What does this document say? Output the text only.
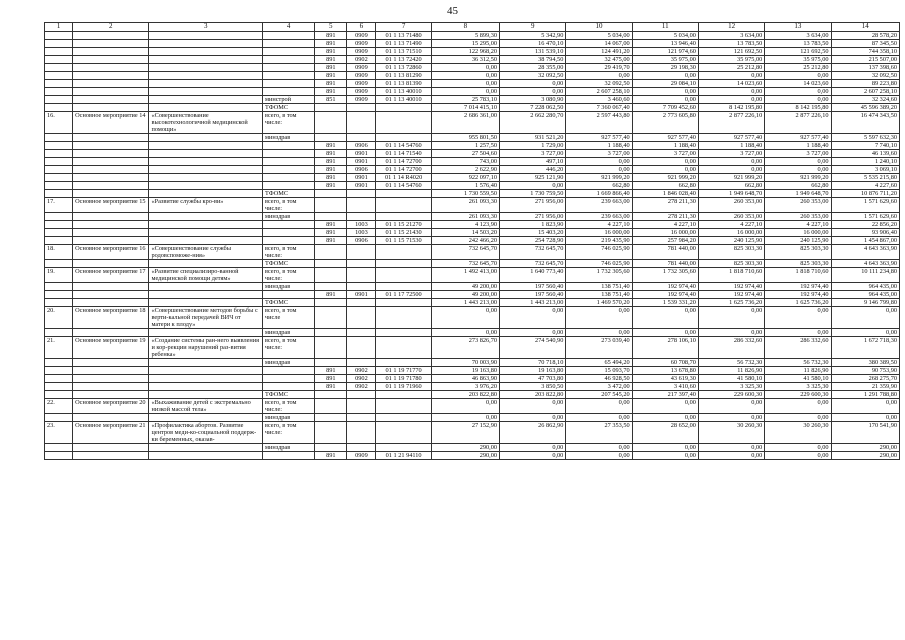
45
1	2	3	4	5	6	7	8	9	10	11	12	13	14
				891	0909	01 1 13 71480	5 899,30	5 342,90	5 034,00	5 034,00	3 634,00	3 634,00	28 578,20
				891	0909	01 1 13 71490	15 295,00	16 470,10	14 067,00	13 946,40	13 783,50	13 783,50	87 345,50
				891	0909	01 1 13 71510	122 968,20	131 539,10	124 491,20	121 974,60	121 692,50	121 692,50	744 358,10
				891	0902	01 1 13 72420	36 312,50	38 794,50	32 475,00	35 975,00	35 975,00	35 975,00	215 507,00
				891	0909	01 1 13 72860	0,00	28 355,00	29 419,70	29 198,30	25 212,80	25 212,80	137 398,60
				891	0909	01 1 13 81290	0,00	32 092,50	0,00	0,00	0,00	0,00	32 092,50
				891	0909	01 1 13 81390	0,00	0,00	32 092,50	29 084,10	14 023,60	14 023,60	89 223,80
				891	0909	01 1 13 40010	0,00	0,00	2 607 258,10	0,00	0,00	0,00	2 607 258,10
			минстрой	851	0909	01 1 13 40010	25 783,10	3 080,90	3 460,60	0,00	0,00	0,00	32 324,60
			ТФОМС				7 014 415,10	7 228 062,50	7 360 067,40	7 709 452,60	8 142 195,80	8 142 195,80	45 596 389,20
16.	Основное мероприятие 14	«Совершенствование высокотехнологичной медицинской помощи»	всего, в том числе:				2 686 361,00	2 662 280,70	2 597 443,80	2 773 605,80	2 877 226,10	2 877 226,10	16 474 343,50
			минздрав				955 801,50	931 521,20	927 577,40	927 577,40	927 577,40	927 577,40	5 597 632,30
				891	0906	01 1 14 54760	1 257,50	1 729,00	1 188,40	1 188,40	1 188,40	1 188,40	7 740,10
				891	0901	01 1 14 71540	27 504,60	3 727,00	3 727,00	3 727,00	3 727,00	3 727,00	46 139,60
				891	0901	01 1 14 72700	743,00	497,10	0,00	0,00	0,00	0,00	1 240,10
				891	0906	01 1 14 72700	2 622,90	446,20	0,00	0,00	0,00	0,00	3 069,10
				891	0901	01 1 14 R4020	922 097,10	925 121,90	921 999,20	921 999,20	921 999,20	921 999,20	5 535 215,80
				891	0901	01 1 14 54760	1 576,40	0,00	662,80	662,80	662,80	662,80	4 227,60
			ТФОМС				1 730 559,50	1 730 759,50	1 669 866,40	1 846 028,40	1 949 648,70	1 949 648,70	10 876 711,20
17.	Основное мероприятие 15	«Развитие службы кро-ви»	всего, в том числе:				261 093,30	271 956,00	239 663,00	278 211,30	260 353,00	260 353,00	1 571 629,60
			минздрав				261 093,30	271 956,00	239 663,00	278 211,30	260 353,00	260 353,00	1 571 629,60
				891	1003	01 1 15 21270	4 123,90	1 823,90	4 227,10	4 227,10	4 227,10	4 227,10	22 856,20
				891	1003	01 1 15 21430	14 503,20	15 403,20	16 000,00	16 000,00	16 000,00	16 000,00	93 906,40
				891	0906	01 1 15 71530	242 466,20	254 728,90	219 435,90	257 984,20	240 125,90	240 125,90	1 454 867,00
18.	Основное мероприятие 16	«Совершенствование службы родовспоможе-ния»	всего, в том числе:				732 645,70	732 645,70	746 025,90	781 440,00	825 303,30	825 303,30	4 643 363,90
			ТФОМС				732 645,70	732 645,70	746 025,90	781 440,00	825 303,30	825 303,30	4 643 363,90
19.	Основное мероприятие 17	«Развитие специализиро-ванной медицинской помощи детям»	всего, в том числе:				1 492 413,00	1 640 773,40	1 732 305,60	1 732 305,60	1 818 710,60	1 818 710,60	10 111 234,80
			минздрав				49 200,00	197 560,40	138 751,40	192 974,40	192 974,40	192 974,40	964 435,00
				891	0901	01 1 17 72500	49 200,00	197 560,40	138 751,40	192 974,40	192 974,40	192 974,40	964 435,00
			ТФОМС				1 443 213,00	1 443 213,00	1 469 570,20	1 539 331,20	1 625 736,20	1 625 736,20	9 146 799,80
20.	Основное мероприятие 18	«Совершенствование методов борьбы с верти-кальной передачей ВИЧ от матери к плоду»	всего, в том числе				0,00	0,00	0,00	0,00	0,00	0,00	0,00
			минздрав				0,00	0,00	0,00	0,00	0,00	0,00	0,00
21.	Основное мероприятие 19	«Создание системы ран-него выявления и кор-рекции нарушений раз-вития ребенка»	всего, в том числе:				273 826,70	274 540,90	273 039,40	278 106,10	286 332,60	286 332,60	1 672 718,30
			минздрав				70 003,90	70 718,10	65 494,20	60 708,70	56 732,30	56 732,30	380 389,50
				891	0902	01 1 19 71770	19 163,80	19 163,80	15 093,70	13 678,80	11 826,90	11 826,90	90 753,90
				891	0902	01 1 19 71780	46 863,90	47 703,80	46 928,50	43 619,30	41 580,10	41 580,10	268 275,70
				891	0902	01 1 19 71960	3 976,20	3 850,50	3 472,00	3 410,60	3 325,30	3 325,30	21 359,90
			ТФОМС				203 822,80	203 822,80	207 545,20	217 397,40	229 600,30	229 600,30	1 291 788,80
22.	Основное мероприятие 20	«Выхаживание детей с экстремально низкой массой тела»	всего, в том числе:				0,00	0,00	0,00	0,00	0,00	0,00	0,00
			минздрав				0,00	0,00	0,00	0,00	0,00	0,00	0,00
23.	Основное мероприятие 21	«Профилактика абортов. Развитие центров меди-ко-социальной поддерж-ки беременных, оказав-	всего, в том числе:				27 152,90	26 862,90	27 353,50	28 652,00	30 260,30	30 260,30	170 541,90
			минздрав				290,00	0,00	0,00	0,00	0,00	0,00	290,00
				891	0909	01 1 21 94110	290,00	0,00	0,00	0,00	0,00	0,00	290,00
